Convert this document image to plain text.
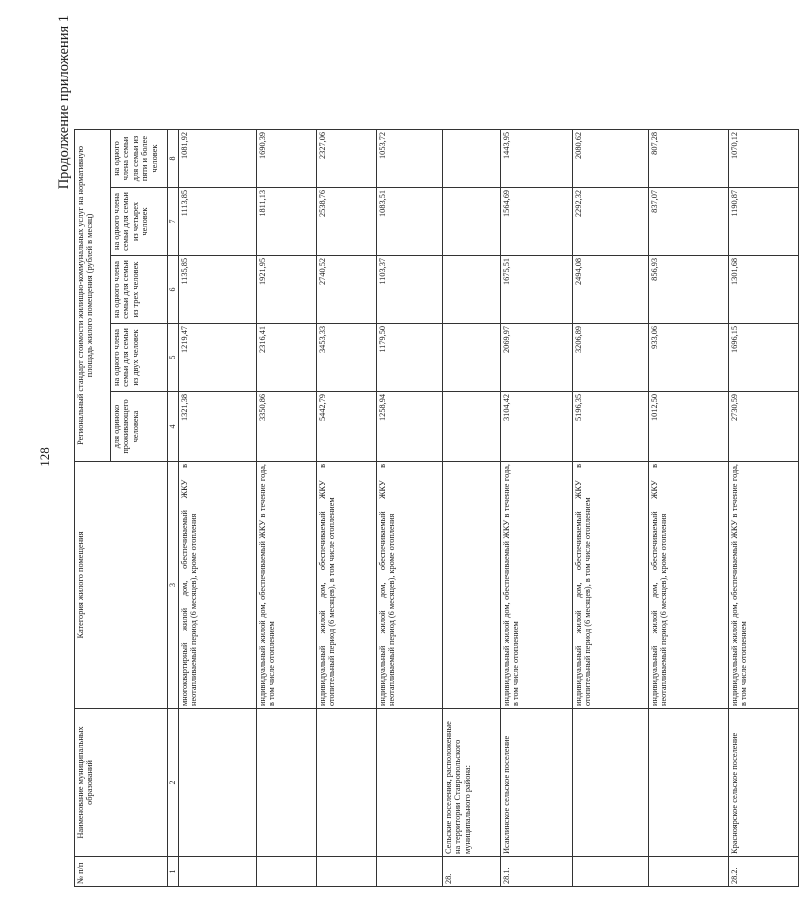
128
Продолжение приложения 1
№ п/п	Наименование муниципальных образований	Категория жилого помещения	Региональный стандарт стоимости жилищно-коммунальных услуг на нормативную площадь жилого помещения (рублей в месяц)				
			для одиноко проживающего человека	на одного члена семьи для семьи из двух человек	на одного члена семьи для семьи из трех человек	на одного члена семьи для семьи из четырех человек	на одного члена семьи для семьи из пяти и более человек
1	2	3	4	5	6	7	8
		многоквартирный жилой дом, обеспечиваемый ЖКУ в неотапливаемый период (6 месяцев), кроме отопления	1321,38	1219,47	1135,85	1113,85	1081,92
		индивидуальный жилой дом, обеспечиваемый ЖКУ в течение года, в том числе отоплением	3350,86	2316,41	1921,95	1811,13	1690,39
		индивидуальный жилой дом, обеспечиваемый ЖКУ в отопительный период (6 месяцев), в том числе отоплением	5442,79	3453,33	2740,52	2538,76	2327,06
		индивидуальный жилой дом, обеспечиваемый ЖКУ в неотапливаемый период (6 месяцев), кроме отопления	1258,94	1179,50	1103,37	1083,51	1053,72
28.	Сельские поселения, расположенные на территории Ставропольского муниципального района:						
28.1.	Исаклинское сельское поселение	индивидуальный жилой дом, обеспечиваемый ЖКУ в течение года, в том числе отоплением	3104,42	2069,97	1675,51	1564,69	1443,95
		индивидуальный жилой дом, обеспечиваемый ЖКУ в отопительный период (6 месяцев), в том числе отоплением	5196,35	3206,89	2494,08	2292,32	2080,62
		индивидуальный жилой дом, обеспечиваемый ЖКУ в неотапливаемый период (6 месяцев), кроме отопления	1012,50	933,06	856,93	837,07	807,28
28.2.	Красноярское сельское поселение	индивидуальный жилой дом, обеспечиваемый ЖКУ в течение года, в том числе отоплением	2730,59	1696,15	1301,68	1190,87	1070,12
